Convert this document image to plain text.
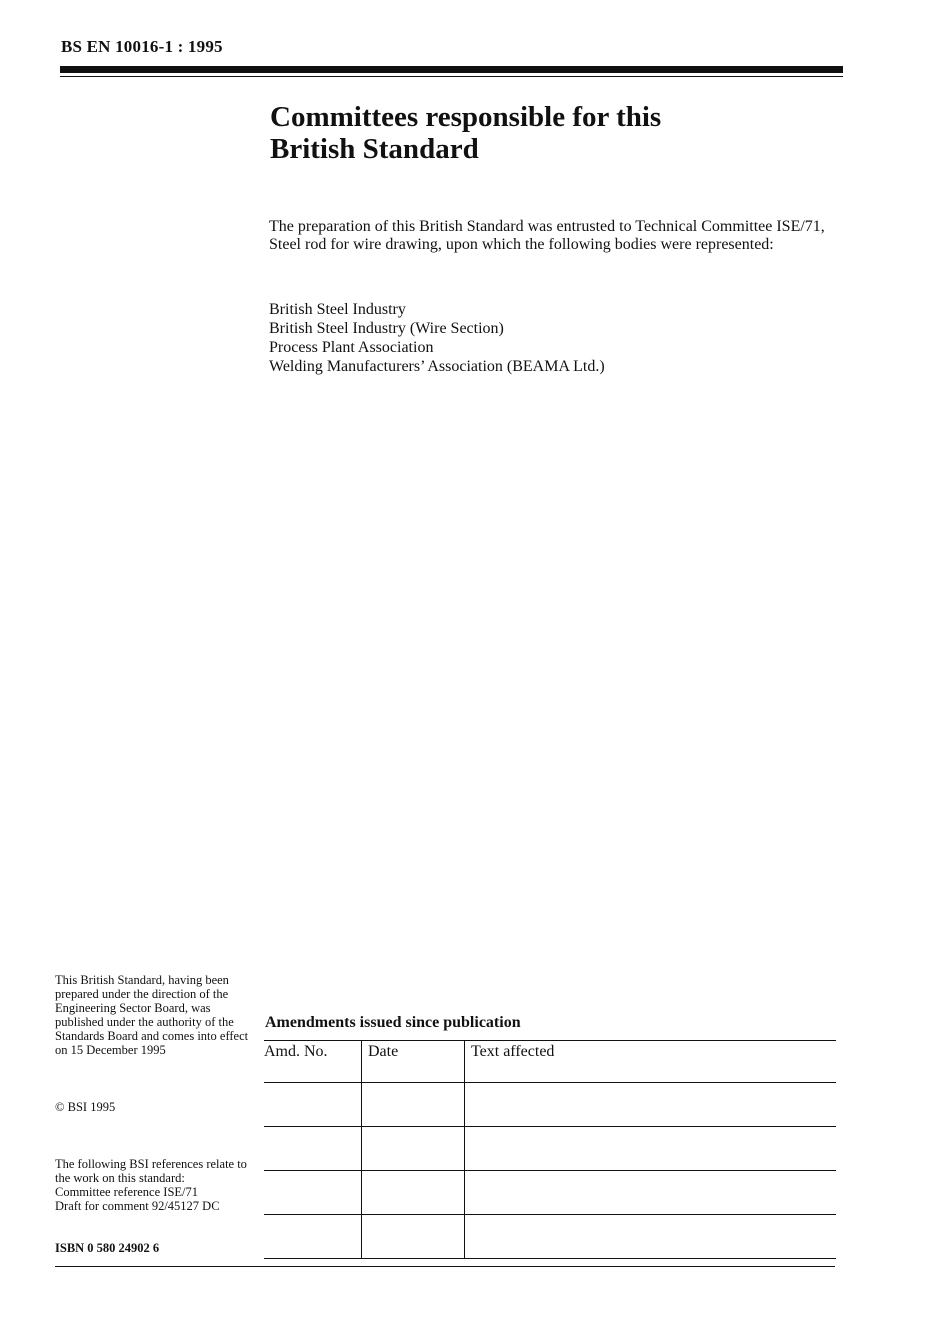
BS EN 10016-1 : 1995
Committees responsible for this
British Standard

The preparation of this British Standard was entrusted to Technical Committee ISE/71, Steel rod for wire drawing, upon which the following bodies were represented:

British Steel Industry
British Steel Industry (Wire Section)
Process Plant Association
Welding Manufacturers’ Association (BEAMA Ltd.)

This British Standard, having been prepared under the direction of the Engineering Sector Board, was published under the authority of the Standards Board and comes into effect on 15 December 1995

© BSI 1995

The following BSI references relate to the work on this standard:
Committee reference ISE/71
Draft for comment 92/45127 DC

ISBN 0 580 24902 6

Amendments issued since publication
Amd. No.	Date	Text affected
